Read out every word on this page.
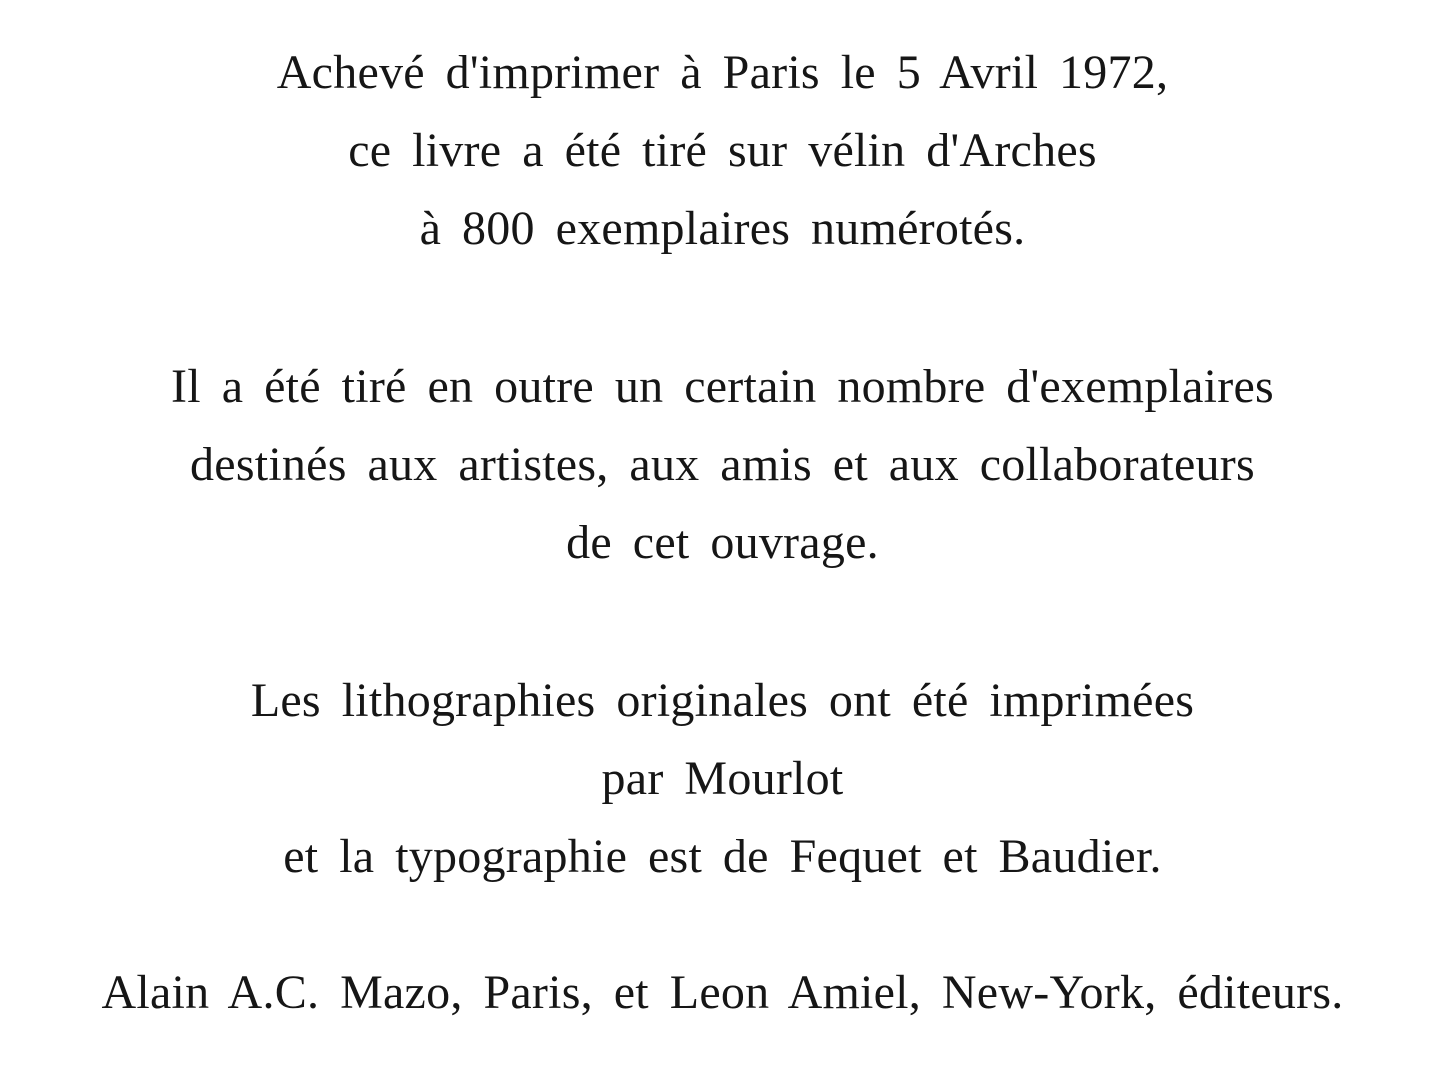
Achevé d'imprimer à Paris le 5 Avril 1972,
ce livre a été tiré sur vélin d'Arches
à 800 exemplaires numérotés.
Il a été tiré en outre un certain nombre d'exemplaires
destinés aux artistes, aux amis et aux collaborateurs
de cet ouvrage.
Les lithographies originales ont été imprimées
par Mourlot
et la typographie est de Fequet et Baudier.
Alain A.C. Mazo, Paris, et Leon Amiel, New-York, éditeurs.
